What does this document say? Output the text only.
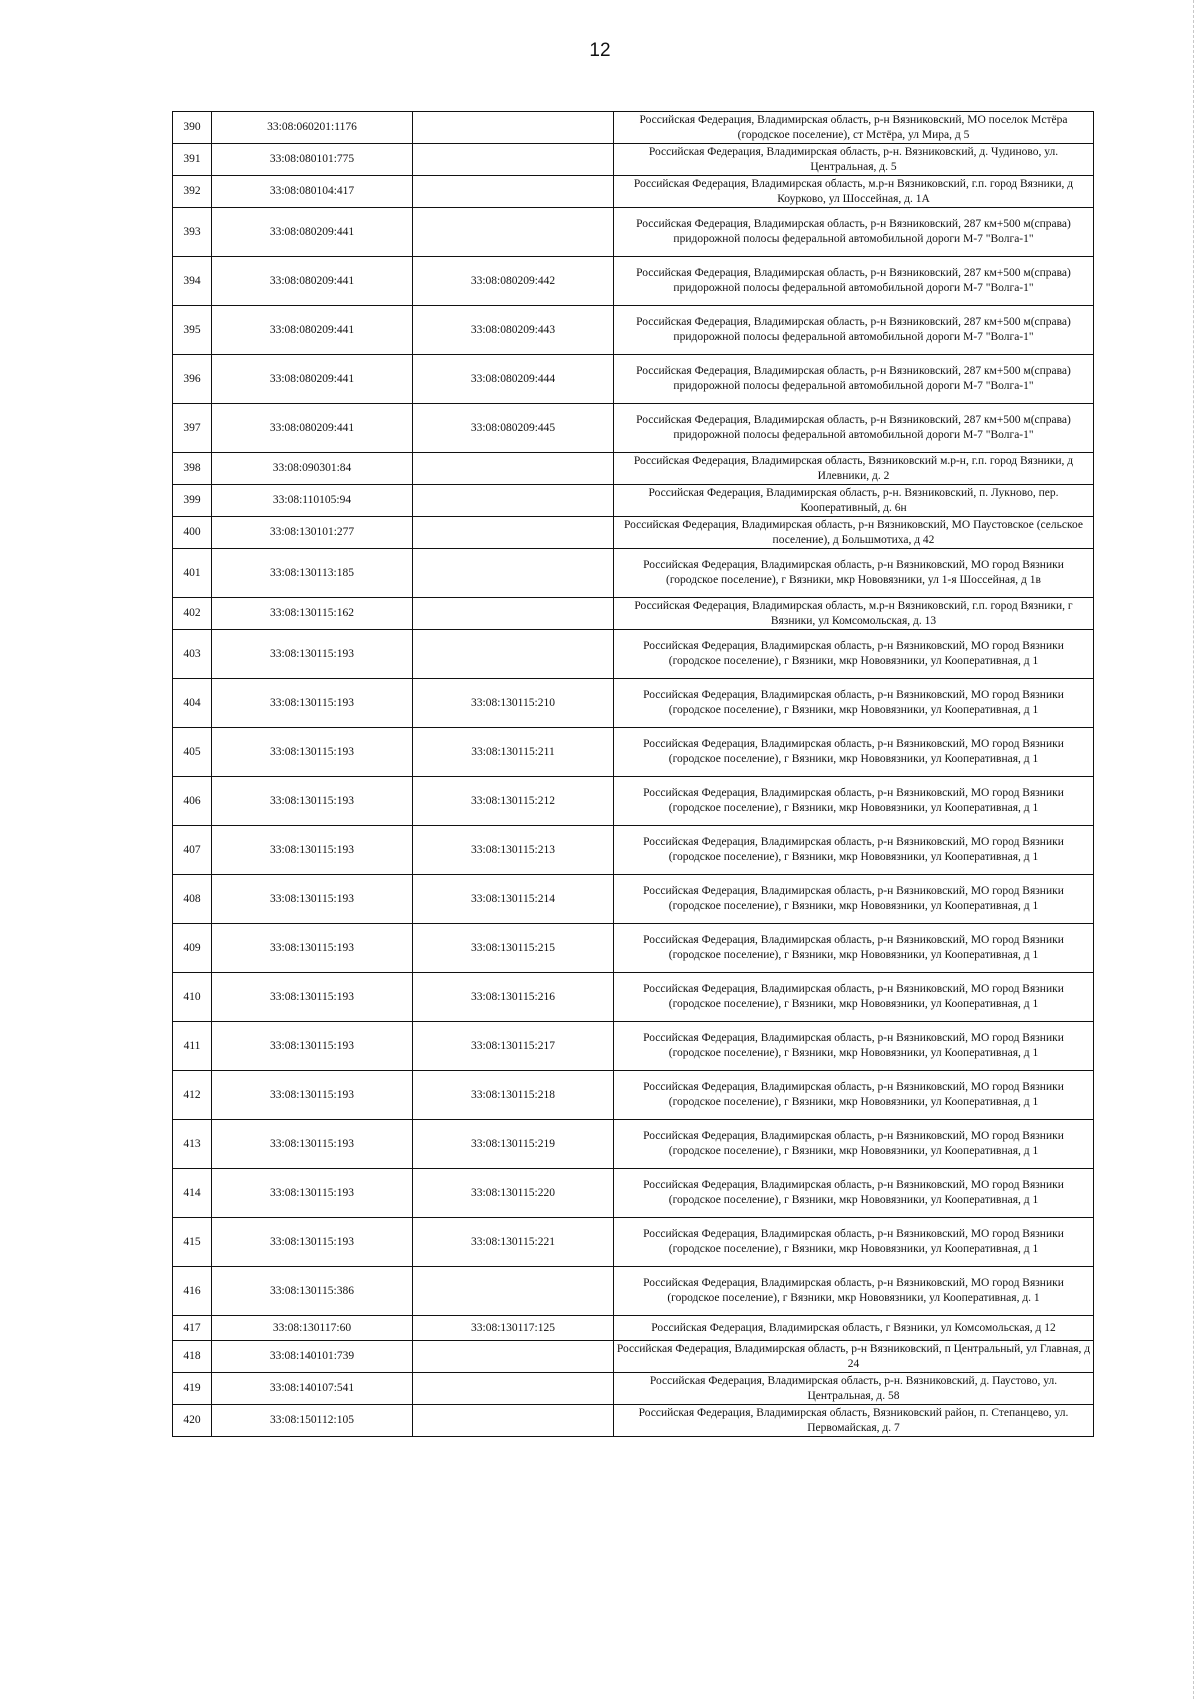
12
390	33:08:060201:1176		Российская Федерация, Владимирская область, р-н Вязниковский, МО поселок Мстёра (городское поселение), ст Мстёра, ул Мира, д 5
391	33:08:080101:775		Российская Федерация, Владимирская область, р-н. Вязниковский, д. Чудиново, ул. Центральная, д. 5
392	33:08:080104:417		Российская Федерация, Владимирская область, м.р-н Вязниковский, г.п. город Вязники, д Коурково, ул Шоссейная, д. 1А
393	33:08:080209:441		Российская Федерация, Владимирская область, р-н Вязниковский, 287 км+500 м(справа) придорожной полосы федеральной автомобильной дороги М-7 "Волга-1"
394	33:08:080209:441	33:08:080209:442	Российская Федерация, Владимирская область, р-н Вязниковский, 287 км+500 м(справа) придорожной полосы федеральной автомобильной дороги М-7 "Волга-1"
395	33:08:080209:441	33:08:080209:443	Российская Федерация, Владимирская область, р-н Вязниковский, 287 км+500 м(справа) придорожной полосы федеральной автомобильной дороги М-7 "Волга-1"
396	33:08:080209:441	33:08:080209:444	Российская Федерация, Владимирская область, р-н Вязниковский, 287 км+500 м(справа) придорожной полосы федеральной автомобильной дороги М-7 "Волга-1"
397	33:08:080209:441	33:08:080209:445	Российская Федерация, Владимирская область, р-н Вязниковский, 287 км+500 м(справа) придорожной полосы федеральной автомобильной дороги М-7 "Волга-1"
398	33:08:090301:84		Российская Федерация, Владимирская область, Вязниковский м.р-н, г.п. город Вязники, д Илевники, д. 2
399	33:08:110105:94		Российская Федерация, Владимирская область, р-н. Вязниковский, п. Лукново, пер. Кооперативный, д. 6н
400	33:08:130101:277		Российская Федерация, Владимирская область, р-н Вязниковский, МО Паустовское (сельское поселение), д Большмотиха, д 42
401	33:08:130113:185		Российская Федерация, Владимирская область, р-н Вязниковский, МО город Вязники (городское поселение), г Вязники, мкр Нововязники, ул 1-я Шоссейная, д 1в
402	33:08:130115:162		Российская Федерация, Владимирская область, м.р-н Вязниковский, г.п. город Вязники, г Вязники, ул Комсомольская, д. 13
403	33:08:130115:193		Российская Федерация, Владимирская область, р-н Вязниковский, МО город Вязники (городское поселение), г Вязники, мкр Нововязники, ул Кооперативная, д 1
404	33:08:130115:193	33:08:130115:210	Российская Федерация, Владимирская область, р-н Вязниковский, МО город Вязники (городское поселение), г Вязники, мкр Нововязники, ул Кооперативная, д 1
405	33:08:130115:193	33:08:130115:211	Российская Федерация, Владимирская область, р-н Вязниковский, МО город Вязники (городское поселение), г Вязники, мкр Нововязники, ул Кооперативная, д 1
406	33:08:130115:193	33:08:130115:212	Российская Федерация, Владимирская область, р-н Вязниковский, МО город Вязники (городское поселение), г Вязники, мкр Нововязники, ул Кооперативная, д 1
407	33:08:130115:193	33:08:130115:213	Российская Федерация, Владимирская область, р-н Вязниковский, МО город Вязники (городское поселение), г Вязники, мкр Нововязники, ул Кооперативная, д 1
408	33:08:130115:193	33:08:130115:214	Российская Федерация, Владимирская область, р-н Вязниковский, МО город Вязники (городское поселение), г Вязники, мкр Нововязники, ул Кооперативная, д 1
409	33:08:130115:193	33:08:130115:215	Российская Федерация, Владимирская область, р-н Вязниковский, МО город Вязники (городское поселение), г Вязники, мкр Нововязники, ул Кооперативная, д 1
410	33:08:130115:193	33:08:130115:216	Российская Федерация, Владимирская область, р-н Вязниковский, МО город Вязники (городское поселение), г Вязники, мкр Нововязники, ул Кооперативная, д 1
411	33:08:130115:193	33:08:130115:217	Российская Федерация, Владимирская область, р-н Вязниковский, МО город Вязники (городское поселение), г Вязники, мкр Нововязники, ул Кооперативная, д 1
412	33:08:130115:193	33:08:130115:218	Российская Федерация, Владимирская область, р-н Вязниковский, МО город Вязники (городское поселение), г Вязники, мкр Нововязники, ул Кооперативная, д 1
413	33:08:130115:193	33:08:130115:219	Российская Федерация, Владимирская область, р-н Вязниковский, МО город Вязники (городское поселение), г Вязники, мкр Нововязники, ул Кооперативная, д 1
414	33:08:130115:193	33:08:130115:220	Российская Федерация, Владимирская область, р-н Вязниковский, МО город Вязники (городское поселение), г Вязники, мкр Нововязники, ул Кооперативная, д 1
415	33:08:130115:193	33:08:130115:221	Российская Федерация, Владимирская область, р-н Вязниковский, МО город Вязники (городское поселение), г Вязники, мкр Нововязники, ул Кооперативная, д 1
416	33:08:130115:386		Российская Федерация, Владимирская область, р-н Вязниковский, МО город Вязники (городское поселение), г Вязники, мкр Нововязники, ул Кооперативная, д. 1
417	33:08:130117:60	33:08:130117:125	Российская Федерация, Владимирская область, г Вязники, ул Комсомольская, д 12
418	33:08:140101:739		Российская Федерация, Владимирская область, р-н Вязниковский, п Центральный, ул Главная, д 24
419	33:08:140107:541		Российская Федерация, Владимирская область, р-н. Вязниковский, д. Паустово, ул. Центральная, д. 58
420	33:08:150112:105		Российская Федерация, Владимирская область, Вязниковский район, п. Степанцево, ул. Первомайская, д. 7
